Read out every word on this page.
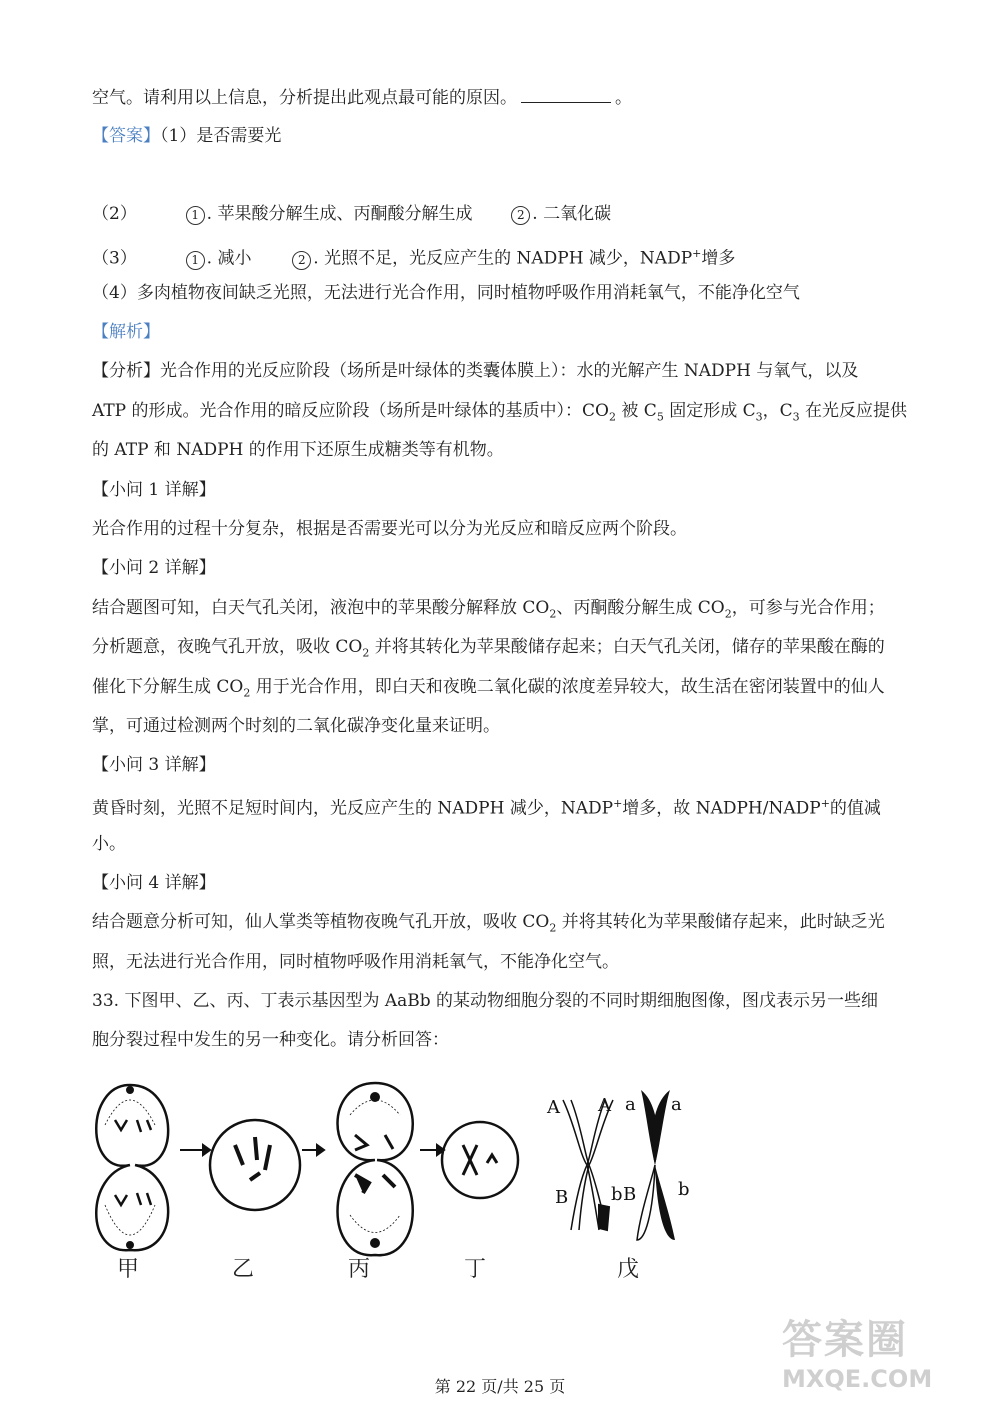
空气。请利用以上信息，分析提出此观点最可能的原因。	。
【答案】（1）是否需要光
（2）	1 . 苹果酸分解生成、丙酮酸分解生成	2 . 二氧化碳
（3）	1 . 减小	2 . 光照不足，光反应产生的 NADPH 减少，NADP+增多
（4）多肉植物夜间缺乏光照，无法进行光合作用，同时植物呼吸作用消耗氧气，不能净化空气
【解析】
【分析】光合作用的光反应阶段（场所是叶绿体的类囊体膜上）：水的光解产生 NADPH 与氧气，以及
ATP 的形成。光合作用的暗反应阶段（场所是叶绿体的基质中）：$CO_2$ 被 $C_5$ 固定形成 $C_3$，$C_3$ 在光反应提供
的 ATP 和 NADPH 的作用下还原生成糖类等有机物。
【小问 1 详解】
光合作用的过程十分复杂，根据是否需要光可以分为光反应和暗反应两个阶段。
【小问 2 详解】
结合题图可知，白天气孔关闭，液泡中的苹果酸分解释放 $CO_2$、丙酮酸分解生成 $CO_2$，可参与光合作用；
分析题意，夜晚气孔开放，吸收 $CO_2$ 并将其转化为苹果酸储存起来；白天气孔关闭，储存的苹果酸在酶的
催化下分解生成 $CO_2$ 用于光合作用，即白天和夜晚二氧化碳的浓度差异较大，故生活在密闭装置中的仙人
掌，可通过检测两个时刻的二氧化碳净变化量来证明。
【小问 3 详解】
黄昏时刻，光照不足短时间内，光反应产生的 NADPH 减少，NADP+增多，故 NADPH/NADP+的值减
小。
【小问 4 详解】
结合题意分析可知，仙人掌类等植物夜晚气孔开放，吸收 $CO_2$ 并将其转化为苹果酸储存起来，此时缺乏光
照，无法进行光合作用，同时植物呼吸作用消耗氧气，不能净化空气。
33. 下图甲、乙、丙、丁表示基因型为 AaBb 的某动物细胞分裂的不同时期细胞图像，图戊表示另一些细
胞分裂过程中发生的另一种变化。请分析回答：
A A a a
B b B b
甲	乙	丙	丁	戊
答案圈
MXQE.COM
第 22 页/共 25 页
